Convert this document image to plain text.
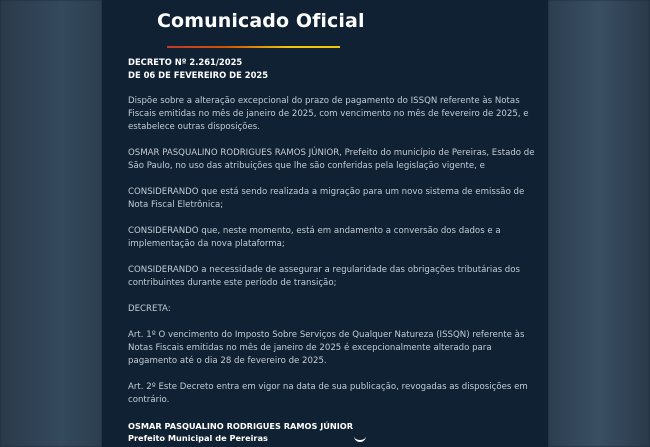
Comunicado Oficial
DECRETO Nº 2.261/2025
DE 06 DE FEVEREIRO DE 2025

Dispõe sobre a alteração excepcional do prazo de pagamento do ISSQN referente às Notas
Fiscais emitidas no mês de janeiro de 2025, com vencimento no mês de fevereiro de 2025, e
estabelece outras disposições.

OSMAR PASQUALINO RODRIGUES RAMOS JÚNIOR, Prefeito do município de Pereiras, Estado de
São Paulo, no uso das atribuições que lhe são conferidas pela legislação vigente, e

CONSIDERANDO que está sendo realizada a migração para um novo sistema de emissão de
Nota Fiscal Eletrônica;

CONSIDERANDO que, neste momento, está em andamento a conversão dos dados e a
implementação da nova plataforma;

CONSIDERANDO a necessidade de assegurar a regularidade das obrigações tributárias dos
contribuintes durante este período de transição;

DECRETA:

Art. 1º O vencimento do Imposto Sobre Serviços de Qualquer Natureza (ISSQN) referente às
Notas Fiscais emitidas no mês de janeiro de 2025 é excepcionalmente alterado para
pagamento até o dia 28 de fevereiro de 2025.

Art. 2º Este Decreto entra em vigor na data de sua publicação, revogadas as disposições em
contrário.

OSMAR PASQUALINO RODRIGUES RAMOS JÚNIOR
Prefeito Municipal de Pereiras
